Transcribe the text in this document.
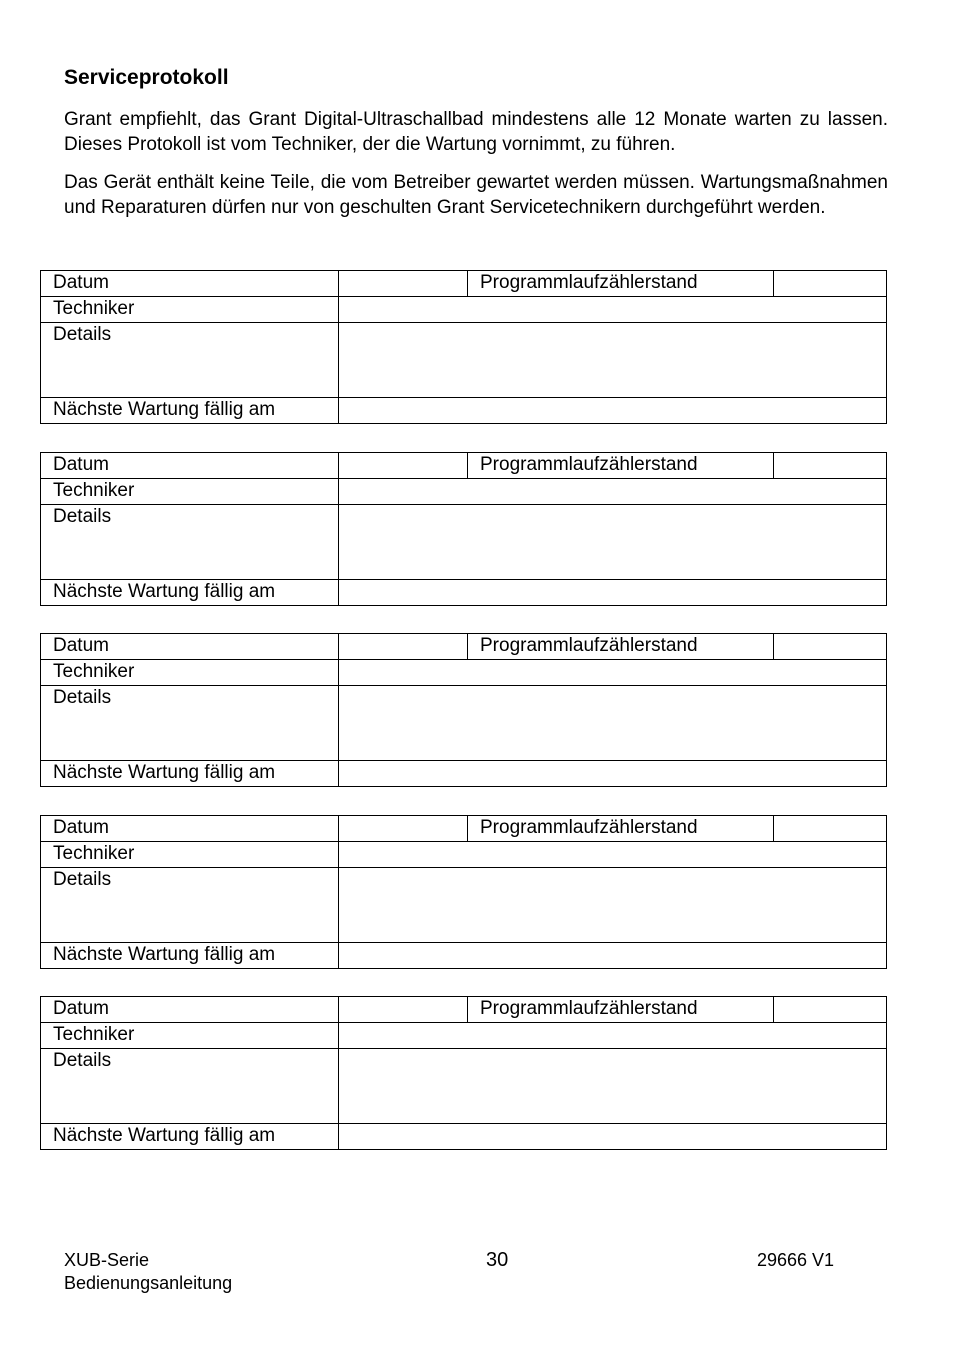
Serviceprotokoll

Grant empfiehlt, das Grant Digital-Ultraschallbad mindestens alle 12 Monate warten zu lassen. Dieses Protokoll ist vom Techniker, der die Wartung vornimmt, zu führen.

Das Gerät enthält keine Teile, die vom Betreiber gewartet werden müssen. Wartungsmaßnahmen und Reparaturen dürfen nur von geschulten Grant Servicetechnikern durchgeführt werden.

Datum		Programmlaufzählerstand	
Techniker			
Details			
Nächste Wartung fällig am			
Datum		Programmlaufzählerstand	
Techniker			
Details			
Nächste Wartung fällig am			
Datum		Programmlaufzählerstand	
Techniker			
Details			
Nächste Wartung fällig am			
Datum		Programmlaufzählerstand	
Techniker			
Details			
Nächste Wartung fällig am			
Datum		Programmlaufzählerstand	
Techniker			
Details			
Nächste Wartung fällig am			
XUB-Serie
Bedienungsanleitung
30	29666 V1
